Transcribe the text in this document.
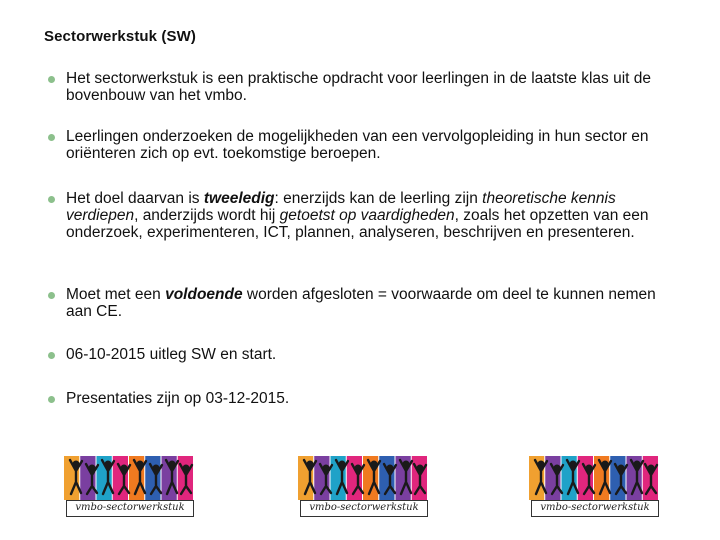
Sectorwerkstuk (SW)
Het sectorwerkstuk is een praktische opdracht voor leerlingen in de laatste klas uit de bovenbouw van het vmbo.
Leerlingen onderzoeken de mogelijkheden van een vervolgopleiding in hun sector en oriënteren zich op evt. toekomstige beroepen.
Het doel daarvan is tweeledig: enerzijds kan de leerling zijn theoretische kennis verdiepen, anderzijds wordt hij getoetst op vaardigheden, zoals het opzetten van een onderzoek, experimenteren, ICT, plannen, analyseren, beschrijven en presenteren.
Moet met een voldoende worden afgesloten = voorwaarde om deel te kunnen nemen aan CE.
06-10-2015 uitleg SW en start.
Presentaties zijn op 03-12-2015.
vmbo-sectorwerkstuk	vmbo-sectorwerkstuk	vmbo-sectorwerkstuk
